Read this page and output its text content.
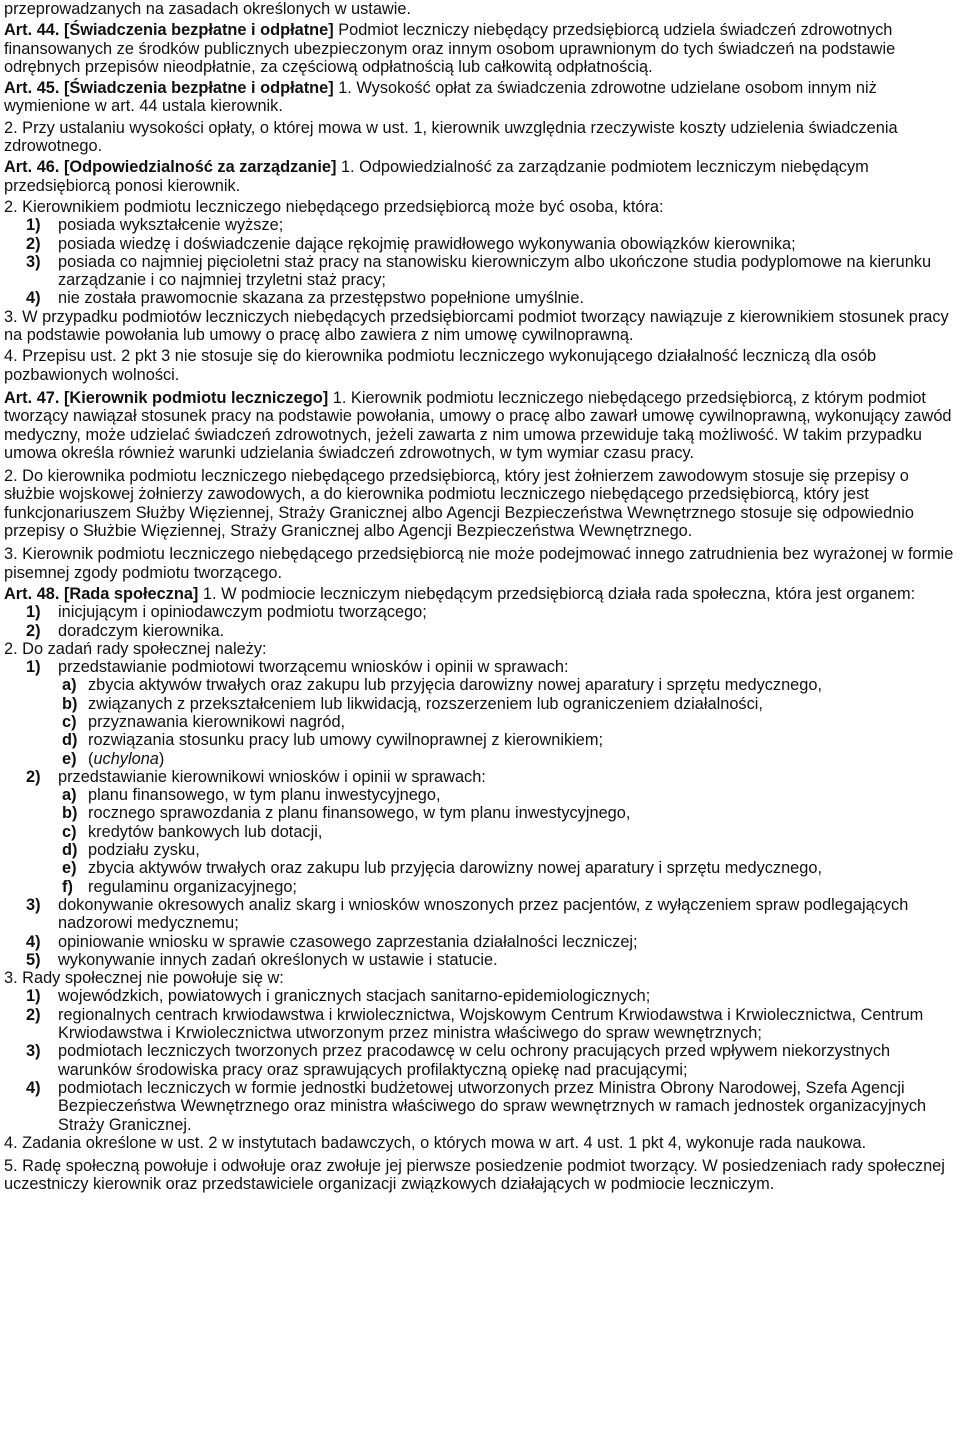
przeprowadzanych na zasadach określonych w ustawie.
Art. 44. [Świadczenia bezpłatne i odpłatne] Podmiot leczniczy niebędący przedsiębiorcą udziela świadczeń zdrowotnych finansowanych ze środków publicznych ubezpieczonym oraz innym osobom uprawnionym do tych świadczeń na podstawie odrębnych przepisów nieodpłatnie, za częściową odpłatnością lub całkowitą odpłatnością.
Art. 45. [Świadczenia bezpłatne i odpłatne] 1. Wysokość opłat za świadczenia zdrowotne udzielane osobom innym niż wymienione w art. 44 ustala kierownik.
2. Przy ustalaniu wysokości opłaty, o której mowa w ust. 1, kierownik uwzględnia rzeczywiste koszty udzielenia świadczenia zdrowotnego.
Art. 46. [Odpowiedzialność za zarządzanie] 1. Odpowiedzialność za zarządzanie podmiotem leczniczym niebędącym przedsiębiorcą ponosi kierownik.
2. Kierownikiem podmiotu leczniczego niebędącego przedsiębiorcą może być osoba, która:
1)	posiada wykształcenie wyższe;
2)	posiada wiedzę i doświadczenie dające rękojmię prawidłowego wykonywania obowiązków kierownika;
3)	posiada co najmniej pięcioletni staż pracy na stanowisku kierowniczym albo ukończone studia podyplomowe na kierunku zarządzanie i co najmniej trzyletni staż pracy;
4)	nie została prawomocnie skazana za przestępstwo popełnione umyślnie.
3. W przypadku podmiotów leczniczych niebędących przedsiębiorcami podmiot tworzący nawiązuje z kierownikiem stosunek pracy na podstawie powołania lub umowy o pracę albo zawiera z nim umowę cywilnoprawną.
4. Przepisu ust. 2 pkt 3 nie stosuje się do kierownika podmiotu leczniczego wykonującego działalność leczniczą dla osób pozbawionych wolności.
Art. 47. [Kierownik podmiotu leczniczego] 1. Kierownik podmiotu leczniczego niebędącego przedsiębiorcą, z którym podmiot tworzący nawiązał stosunek pracy na podstawie powołania, umowy o pracę albo zawarł umowę cywilnoprawną, wykonujący zawód medyczny, może udzielać świadczeń zdrowotnych, jeżeli zawarta z nim umowa przewiduje taką możliwość. W takim przypadku umowa określa również warunki udzielania świadczeń zdrowotnych, w tym wymiar czasu pracy.
2. Do kierownika podmiotu leczniczego niebędącego przedsiębiorcą, który jest żołnierzem zawodowym stosuje się przepisy o służbie wojskowej żołnierzy zawodowych, a do kierownika podmiotu leczniczego niebędącego przedsiębiorcą, który jest funkcjonariuszem Służby Więziennej, Straży Granicznej albo Agencji Bezpieczeństwa Wewnętrznego stosuje się odpowiednio przepisy o Służbie Więziennej, Straży Granicznej albo Agencji Bezpieczeństwa Wewnętrznego.
3. Kierownik podmiotu leczniczego niebędącego przedsiębiorcą nie może podejmować innego zatrudnienia bez wyrażonej w formie pisemnej zgody podmiotu tworzącego.
Art. 48. [Rada społeczna] 1. W podmiocie leczniczym niebędącym przedsiębiorcą działa rada społeczna, która jest organem:
1)	inicjującym i opiniodawczym podmiotu tworzącego;
2)	doradczym kierownika.
2. Do zadań rady społecznej należy:
1)	przedstawianie podmiotowi tworzącemu wniosków i opinii w sprawach:
a) zbycia aktywów trwałych oraz zakupu lub przyjęcia darowizny nowej aparatury i sprzętu medycznego,
b) związanych z przekształceniem lub likwidacją, rozszerzeniem lub ograniczeniem działalności,
c) przyznawania kierownikowi nagród,
d) rozwiązania stosunku pracy lub umowy cywilnoprawnej z kierownikiem;
e) (uchylona)
2)	przedstawianie kierownikowi wniosków i opinii w sprawach:
a) planu finansowego, w tym planu inwestycyjnego,
b) rocznego sprawozdania z planu finansowego, w tym planu inwestycyjnego,
c) kredytów bankowych lub dotacji,
d) podziału zysku,
e) zbycia aktywów trwałych oraz zakupu lub przyjęcia darowizny nowej aparatury i sprzętu medycznego,
f) regulaminu organizacyjnego;
3)	dokonywanie okresowych analiz skarg i wniosków wnoszonych przez pacjentów, z wyłączeniem spraw podlegających nadzorowi medycznemu;
4)	opiniowanie wniosku w sprawie czasowego zaprzestania działalności leczniczej;
5)	wykonywanie innych zadań określonych w ustawie i statucie.
3. Rady społecznej nie powołuje się w:
1)	wojewódzkich, powiatowych i granicznych stacjach sanitarno-epidemiologicznych;
2)	regionalnych centrach krwiodawstwa i krwiolecznictwa, Wojskowym Centrum Krwiodawstwa i Krwiolecznictwa, Centrum Krwiodawstwa i Krwiolecznictwa utworzonym przez ministra właściwego do spraw wewnętrznych;
3)	podmiotach leczniczych tworzonych przez pracodawcę w celu ochrony pracujących przed wpływem niekorzystnych warunków środowiska pracy oraz sprawujących profilaktyczną opiekę nad pracującymi;
4)	podmiotach leczniczych w formie jednostki budżetowej utworzonych przez Ministra Obrony Narodowej, Szefa Agencji Bezpieczeństwa Wewnętrznego oraz ministra właściwego do spraw wewnętrznych w ramach jednostek organizacyjnych Straży Granicznej.
4. Zadania określone w ust. 2 w instytutach badawczych, o których mowa w art. 4 ust. 1 pkt 4, wykonuje rada naukowa.
5. Radę społeczną powołuje i odwołuje oraz zwołuje jej pierwsze posiedzenie podmiot tworzący. W posiedzeniach rady społecznej uczestniczy kierownik oraz przedstawiciele organizacji związkowych działających w podmiocie leczniczym.
